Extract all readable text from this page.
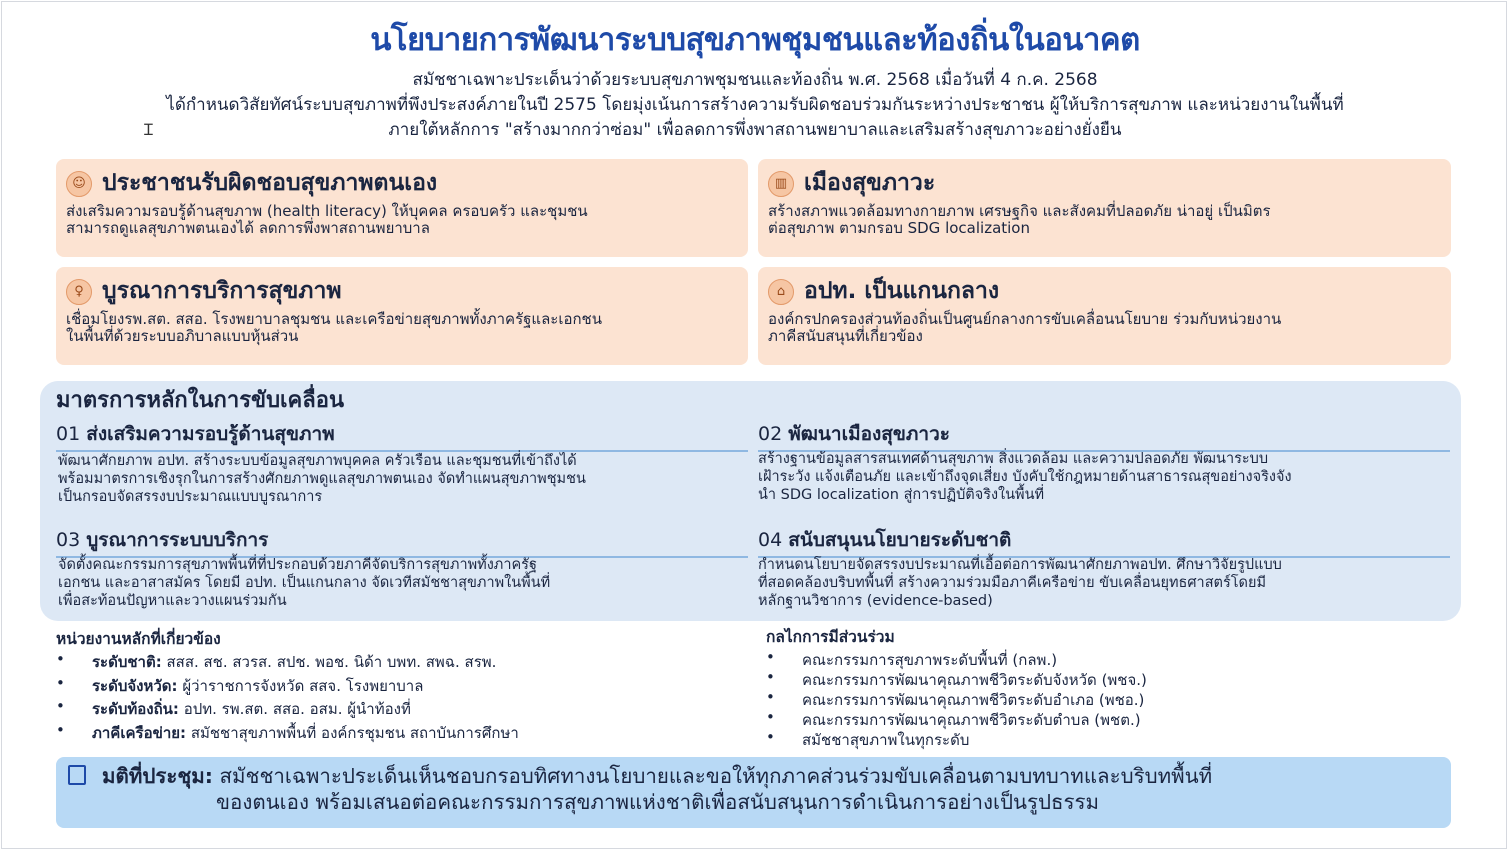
นโยบายการพัฒนาระบบสุขภาพชุมชนและท้องถิ่นในอนาคต
สมัชชาเฉพาะประเด็นว่าด้วยระบบสุขภาพชุมชนและท้องถิ่น พ.ศ. 2568 เมื่อวันที่ 4 ก.ค. 2568
ได้กำหนดวิสัยทัศน์ระบบสุขภาพที่พึงประสงค์ภายในปี 2575 โดยมุ่งเน้นการสร้างความรับผิดชอบร่วมกันระหว่างประชาชน ผู้ให้บริการสุขภาพ และหน่วยงานในพื้นที่
ภายใต้หลักการ "สร้างมากกว่าซ่อม" เพื่อลดการพึ่งพาสถานพยาบาลและเสริมสร้างสุขภาวะอย่างยั่งยืน
Ɪ
☺ ประชาชนรับผิดชอบสุขภาพตนเอง
ส่งเสริมความรอบรู้ด้านสุขภาพ (health literacy) ให้บุคคล ครอบครัว และชุมชน
สามารถดูแลสุขภาพตนเองได้ ลดการพึ่งพาสถานพยาบาล
▥ เมืองสุขภาวะ
สร้างสภาพแวดล้อมทางกายภาพ เศรษฐกิจ และสังคมที่ปลอดภัย น่าอยู่ เป็นมิตร
ต่อสุขภาพ ตามกรอบ SDG localization
♀ บูรณาการบริการสุขภาพ
เชื่อมโยงรพ.สต. สสอ. โรงพยาบาลชุมชน และเครือข่ายสุขภาพทั้งภาครัฐและเอกชน
ในพื้นที่ด้วยระบบอภิบาลแบบหุ้นส่วน
⌂ อปท. เป็นแกนกลาง
องค์กรปกครองส่วนท้องถิ่นเป็นศูนย์กลางการขับเคลื่อนนโยบาย ร่วมกับหน่วยงาน
ภาคีสนับสนุนที่เกี่ยวข้อง
มาตรการหลักในการขับเคลื่อน
01 ส่งเสริมความรอบรู้ด้านสุขภาพ
พัฒนาศักยภาพ อปท. สร้างระบบข้อมูลสุขภาพบุคคล ครัวเรือน และชุมชนที่เข้าถึงได้
พร้อมมาตรการเชิงรุกในการสร้างศักยภาพดูแลสุขภาพตนเอง จัดทำแผนสุขภาพชุมชน
เป็นกรอบจัดสรรงบประมาณแบบบูรณาการ
02 พัฒนาเมืองสุขภาวะ
สร้างฐานข้อมูลสารสนเทศด้านสุขภาพ สิ่งแวดล้อม และความปลอดภัย พัฒนาระบบ
เฝ้าระวัง แจ้งเตือนภัย และเข้าถึงจุดเสี่ยง บังคับใช้กฎหมายด้านสาธารณสุขอย่างจริงจัง
นำ SDG localization สู่การปฏิบัติจริงในพื้นที่
03 บูรณาการระบบบริการ
จัดตั้งคณะกรรมการสุขภาพพื้นที่ที่ประกอบด้วยภาคีจัดบริการสุขภาพทั้งภาครัฐ
เอกชน และอาสาสมัคร โดยมี อปท. เป็นแกนกลาง จัดเวทีสมัชชาสุขภาพในพื้นที่
เพื่อสะท้อนปัญหาและวางแผนร่วมกัน
04 สนับสนุนนโยบายระดับชาติ
กำหนดนโยบายจัดสรรงบประมาณที่เอื้อต่อการพัฒนาศักยภาพอปท. ศึกษาวิจัยรูปแบบ
ที่สอดคล้องบริบทพื้นที่ สร้างความร่วมมือภาคีเครือข่าย ขับเคลื่อนยุทธศาสตร์โดยมี
หลักฐานวิชาการ (evidence-based)
หน่วยงานหลักที่เกี่ยวข้อง
• ระดับชาติ: สสส. สช. สวรส. สปช. พอช. นิด้า บพท. สพฉ. สรพ.
• ระดับจังหวัด: ผู้ว่าราชการจังหวัด สสจ. โรงพยาบาล
• ระดับท้องถิ่น: อปท. รพ.สต. สสอ. อสม. ผู้นำท้องที่
• ภาคีเครือข่าย: สมัชชาสุขภาพพื้นที่ องค์กรชุมชน สถาบันการศึกษา
กลไกการมีส่วนร่วม
• คณะกรรมการสุขภาพระดับพื้นที่ (กลพ.)
• คณะกรรมการพัฒนาคุณภาพชีวิตระดับจังหวัด (พชจ.)
• คณะกรรมการพัฒนาคุณภาพชีวิตระดับอำเภอ (พชอ.)
• คณะกรรมการพัฒนาคุณภาพชีวิตระดับตำบล (พชต.)
• สมัชชาสุขภาพในทุกระดับ
มติที่ประชุม: สมัชชาเฉพาะประเด็นเห็นชอบกรอบทิศทางนโยบายและขอให้ทุกภาคส่วนร่วมขับเคลื่อนตามบทบาทและบริบทพื้นที่
ของตนเอง พร้อมเสนอต่อคณะกรรมการสุขภาพแห่งชาติเพื่อสนับสนุนการดำเนินการอย่างเป็นรูปธรรม
